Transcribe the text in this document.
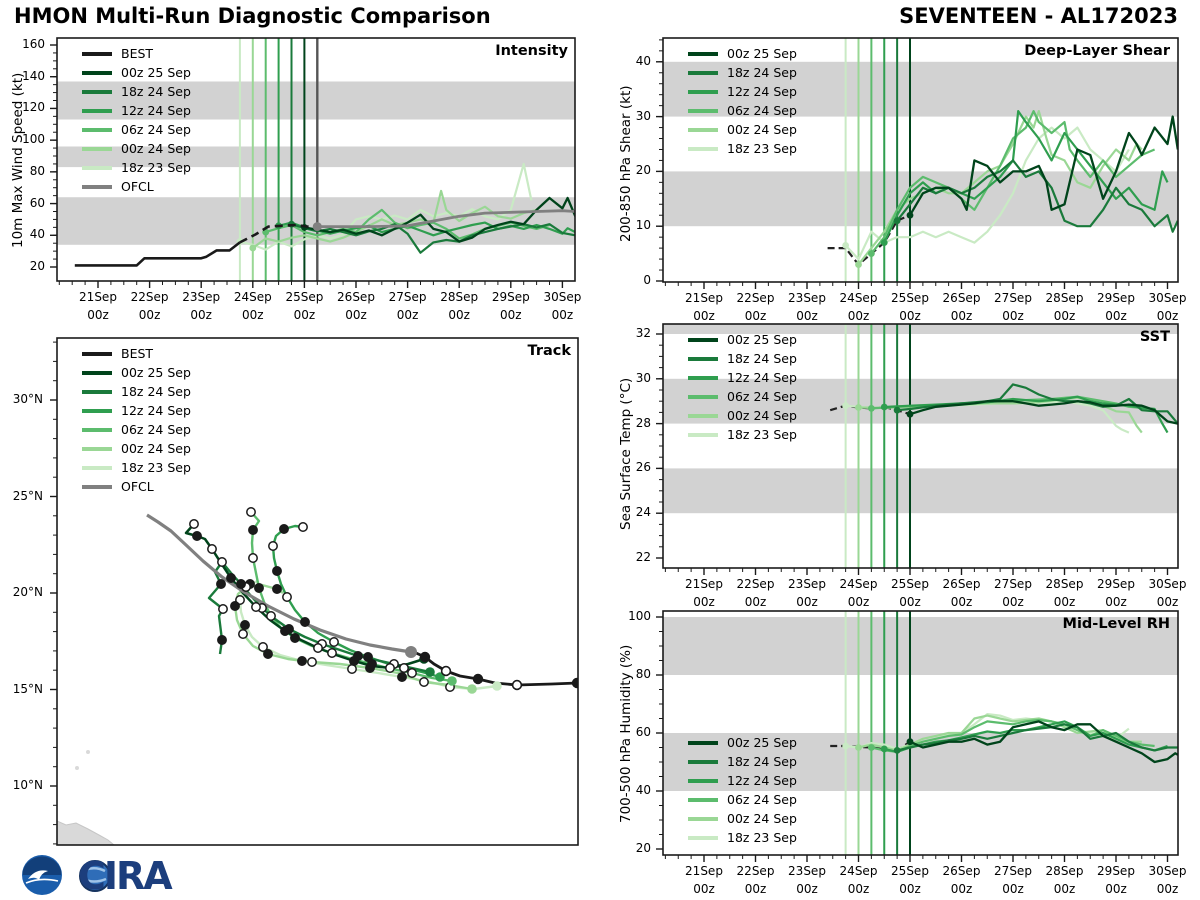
HMON Multi-Run Diagnostic Comparison	SEVENTEEN - AL172023
Intensity	Deep-Layer Shear
SST
Mid-Level RH
Track
10m Max Wind Speed (kt)	200-850 hPa Shear (kt)
Sea Surface Temp (°C)
700-500 hPa Humidity (%)
BEST
00z 25 Sep
18z 24 Sep
12z 24 Sep
06z 24 Sep
00z 24 Sep
18z 23 Sep
OFCL
BEST
00z 25 Sep
18z 24 Sep
12z 24 Sep
06z 24 Sep
00z 24 Sep
18z 23 Sep
OFCL
00z 25 Sep
18z 24 Sep
12z 24 Sep
06z 24 Sep
00z 24 Sep
18z 23 Sep
00z 25 Sep
18z 24 Sep
12z 24 Sep
06z 24 Sep
00z 24 Sep
18z 23 Sep
00z 25 Sep
18z 24 Sep
12z 24 Sep
06z 24 Sep
00z 24 Sep
18z 23 Sep
21Sep
00z
22Sep
00z
23Sep
00z
24Sep
00z
25Sep
00z
26Sep
00z
27Sep
00z
28Sep
00z
29Sep
00z
30Sep
00z
20
40
60
80
100
120
140
160
21Sep
00z
22Sep
00z
23Sep
00z
24Sep
00z
25Sep
00z
26Sep
00z
27Sep
00z
28Sep
00z
29Sep
00z
30Sep
00z
0
10
20
30
40
21Sep
00z
22Sep
00z
23Sep
00z
24Sep
00z
25Sep
00z
26Sep
00z
27Sep
00z
28Sep
00z
29Sep
00z
30Sep
00z
22
24
26
28
30
32
21Sep
00z
22Sep
00z
23Sep
00z
24Sep
00z
25Sep
00z
26Sep
00z
27Sep
00z
28Sep
00z
29Sep
00z
30Sep
00z
20
40
60
80
100
30°N
25°N
20°N
15°N
10°N
CIRA
